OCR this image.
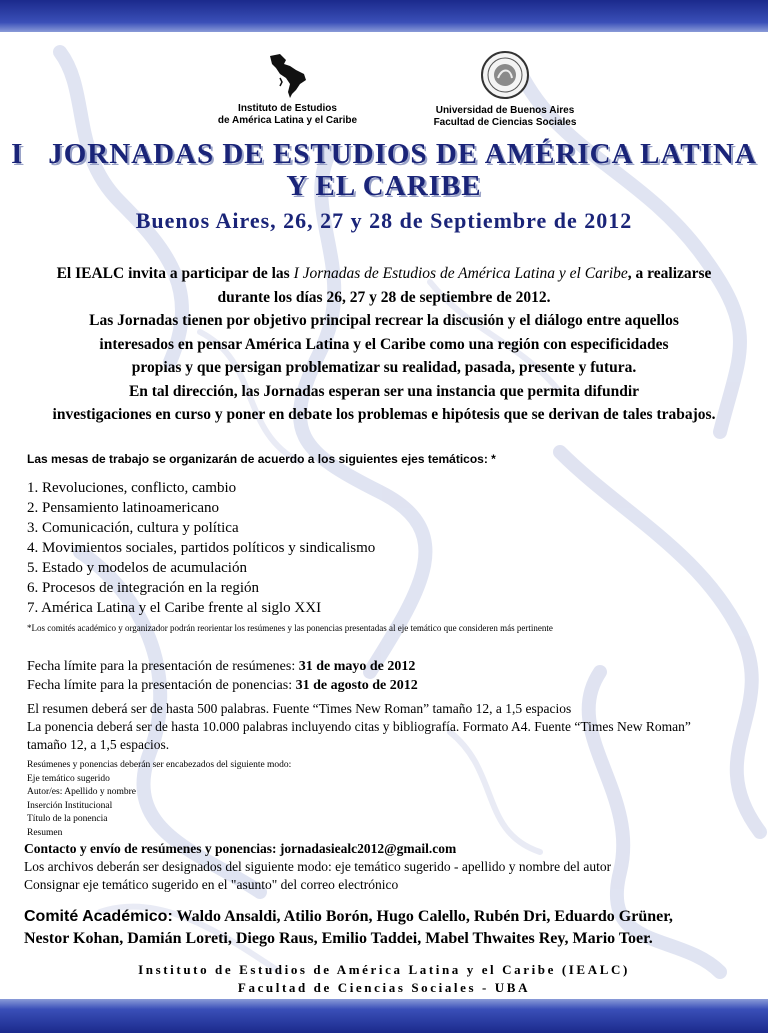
Instituto de Estudios
de América Latina y el Caribe
Universidad de Buenos Aires
Facultad de Ciencias Sociales
I   JORNADAS DE ESTUDIOS DE AMÉRICA LATINA
Y EL CARIBE
Buenos Aires, 26, 27 y 28 de Septiembre de 2012
El IEALC invita a participar de las I Jornadas de Estudios de América Latina y el Caribe, a realizarse
durante los días 26, 27 y 28 de septiembre de 2012.
Las Jornadas tienen por objetivo principal recrear la discusión y el diálogo entre aquellos
interesados en pensar América Latina y el Caribe como una región con especificidades
propias y que persigan problematizar su realidad, pasada, presente y futura.
En tal dirección, las Jornadas esperan ser una instancia que permita difundir
investigaciones en curso y poner en debate los problemas e hipótesis que se derivan de tales trabajos.
Las mesas de trabajo se organizarán de acuerdo a los siguientes ejes temáticos: *
1. Revoluciones, conflicto, cambio
2. Pensamiento latinoamericano
3. Comunicación, cultura y política
4. Movimientos sociales, partidos políticos y sindicalismo
5. Estado y modelos de acumulación
6. Procesos de integración en la región
7. América Latina y el Caribe frente al siglo XXI
*Los comités académico y organizador podrán reorientar los resúmenes y las ponencias presentadas al eje temático que consideren más pertinente
Fecha límite para la presentación de resúmenes: 31 de mayo de 2012
Fecha límite para la presentación de ponencias: 31 de agosto de 2012
El resumen deberá ser de hasta 500 palabras. Fuente “Times New Roman” tamaño 12, a 1,5 espacios
La ponencia deberá ser de hasta 10.000 palabras incluyendo citas y bibliografía. Formato A4. Fuente “Times New Roman”
tamaño 12, a 1,5 espacios.
Resúmenes y ponencias deberán ser encabezados del siguiente modo:
Eje temático sugerido
Autor/es: Apellido y nombre
Inserción Institucional
Título de la ponencia
Resumen
Contacto y envío de resúmenes y ponencias: jornadasiealc2012@gmail.com
Los archivos deberán ser designados del siguiente modo: eje temático sugerido - apellido y nombre del autor
Consignar eje temático sugerido en el "asunto" del correo electrónico
Comité Académico: Waldo Ansaldi, Atilio Borón, Hugo Calello, Rubén Dri, Eduardo Grüner,
Nestor Kohan, Damián Loreti, Diego Raus, Emilio Taddei, Mabel Thwaites Rey, Mario Toer.
Instituto de Estudios de América Latina y el Caribe (IEALC)
Facultad de Ciencias Sociales - UBA
